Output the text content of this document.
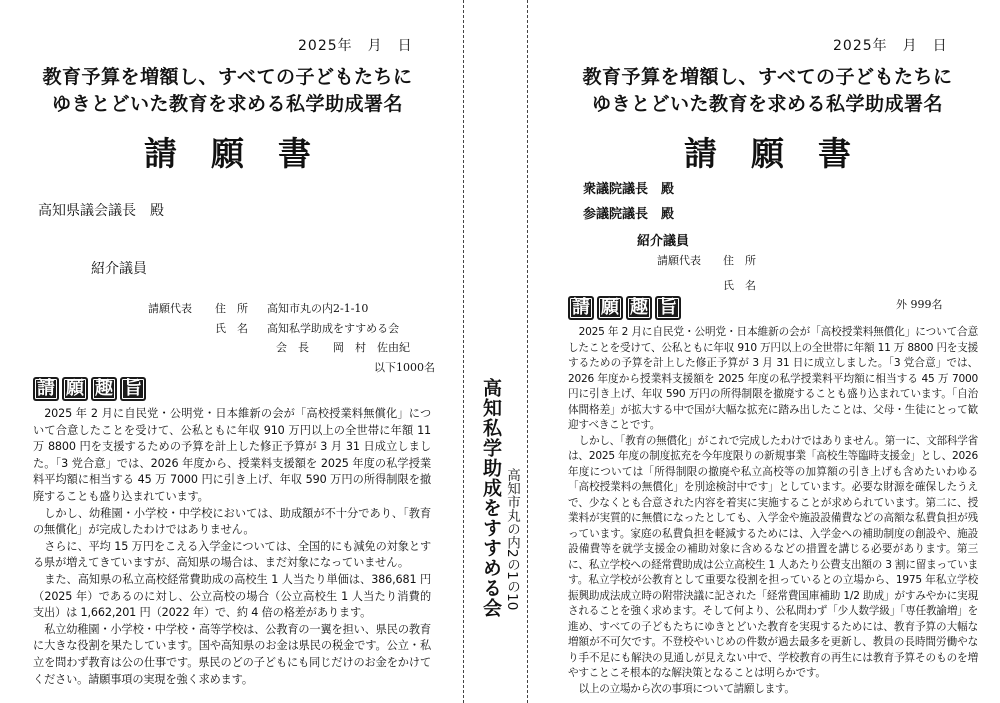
2025年　月　日
教育予算を増額し、すべての子どもたちに
ゆきとどいた教育を求める私学助成署名
請願書
高知県議会議長　殿
紹介議員
請願代表 住　所 高知市丸の内2-1-10
氏　名 高知私学助成をすすめる会
会　長 岡　村　佐由紀
以下1000名
請 願 趣 旨

2025 年 2 月に自民党・公明党・日本維新の会が「高校授業料無償化」について合意したことを受けて、公私ともに年収 910 万円以上の全世帯に年額 11 万 8800 円を支援するための予算を計上した修正予算が 3 月 31 日成立しました。「3 党合意」では、2026 年度から、授業料支援額を 2025 年度の私学授業料平均額に相当する 45 万 7000 円に引き上げ、年収 590 万円の所得制限を撤廃することも盛り込まれています。

しかし、幼稚園・小学校・中学校においては、助成額が不十分であり、「教育の無償化」が完成したわけではありません。

さらに、平均 15 万円をこえる入学金については、全国的にも減免の対象とする県が増えてきていますが、高知県の場合は、まだ対象になっていません。

また、高知県の私立高校経常費助成の高校生 1 人当たり単価は、386,681 円（2025 年）であるのに対し、公立高校の場合（公立高校生 1 人当たり消費的支出）は 1,662,201 円（2022 年）で、約 4 倍の格差があります。

私立幼稚園・小学校・中学校・高等学校は、公教育の一翼を担い、県民の教育に大きな役割を果たしています。国や高知県のお金は県民の税金です。公立・私立を問わず教育は公の仕事です。県民のどの子どもにも同じだけのお金をかけてください。請願事項の実現を強く求めます。

高知私学助成をすすめる会 高知市丸の内2の1の10
2025年　月　日
教育予算を増額し、すべての子どもたちに
ゆきとどいた教育を求める私学助成署名
請願書
衆議院議長　殿
参議院議長　殿
紹介議員
請願代表 住　所
氏　名
外 999名
請 願 趣 旨

2025 年 2 月に自民党・公明党・日本維新の会が「高校授業料無償化」について合意したことを受けて、公私ともに年収 910 万円以上の全世帯に年額 11 万 8800 円を支援するための予算を計上した修正予算が 3 月 31 日に成立しました。「3 党合意」では、2026 年度から授業料支援額を 2025 年度の私学授業料平均額に相当する 45 万 7000 円に引き上げ、年収 590 万円の所得制限を撤廃することも盛り込まれています。「自治体間格差」が拡大する中で国が大幅な拡充に踏み出したことは、父母・生徒にとって歓迎すべきことです。

しかし、「教育の無償化」がこれで完成したわけではありません。第一に、文部科学省は、2025 年度の制度拡充を今年度限りの新規事業「高校生等臨時支援金」とし、2026 年度については「所得制限の撤廃や私立高校等の加算額の引き上げも含めたいわゆる「高校授業料の無償化」を別途検討中です」としています。必要な財源を確保したうえで、少なくとも合意された内容を着実に実施することが求められています。第二に、授業料が実質的に無償になったとしても、入学金や施設設備費などの高額な私費負担が残っています。家庭の私費負担を軽減するためには、入学金への補助制度の創設や、施設設備費等を就学支援金の補助対象に含めるなどの措置を講じる必要があります。第三に、私立学校への経常費助成は公立高校生 1 人あたり公費支出額の 3 割に留まっています。私立学校が公教育として重要な役割を担っているとの立場から、1975 年私立学校振興助成法成立時の附帯決議に記された「経常費国庫補助 1/2 助成」がすみやかに実現されることを強く求めます。そして何より、公私問わず「少人数学級」「専任教諭増」を進め、すべての子どもたちにゆきとどいた教育を実現するためには、教育予算の大幅な増額が不可欠です。不登校やいじめの件数が過去最多を更新し、教員の長時間労働やなり手不足にも解決の見通しが見えない中で、学校教育の再生には教育予算そのものを増やすことこそ根本的な解決策となることは明らかです。

以上の立場から次の事項について請願します。
